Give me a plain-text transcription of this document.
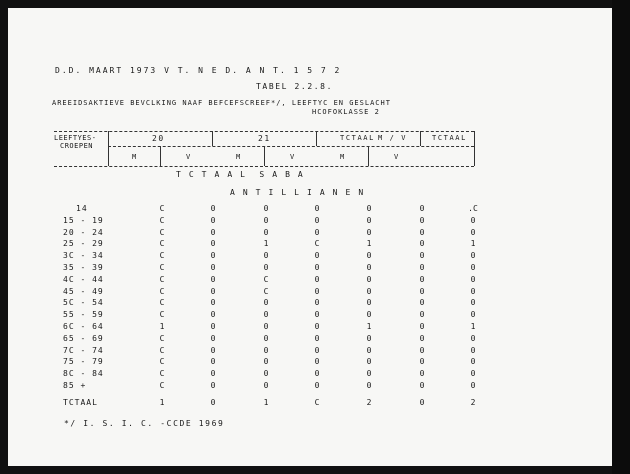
D.D. MAART 1973 V T. N E D. A N T. 1 5 7 2
TABEL 2.2.8.
AREEIDSAKTIEVE BEVCLKING NAAF BEFCEFSCREEF*/, LEEFTYC EN GESLACHT
HCOFOKLASSE 2
LEEFTYES-
CROEPEN
20	21	TCTAAL M / V	TCTAAL
M	V	M	V	M	V
T C T A A L  S A B A
A N T I L L I A N E N
14	C	0	0	0	0	0	.C
15 - 19	C	0	0	0	0	0	0
20 - 24	C	0	0	0	0	0	0
25 - 29	C	0	1	C	1	0	1
3C - 34	C	0	0	0	0	0	0
35 - 39	C	0	0	0	0	0	0
4C - 44	C	0	C	0	0	0	0
45 - 49	C	0	C	0	0	0	0
5C - 54	C	0	0	0	0	0	0
55 - 59	C	0	0	0	0	0	0
6C - 64	1	0	0	0	1	0	1
65 - 69	C	0	0	0	0	0	0
7C - 74	C	0	0	0	0	0	0
75 - 79	C	0	0	0	0	0	0
8C - 84	C	0	0	0	0	0	0
85 +	C	0	0	0	0	0	0
TCTAAL	1	0	1	C	2	0	2
*/ I. S. I. C. -CCDE 1969
